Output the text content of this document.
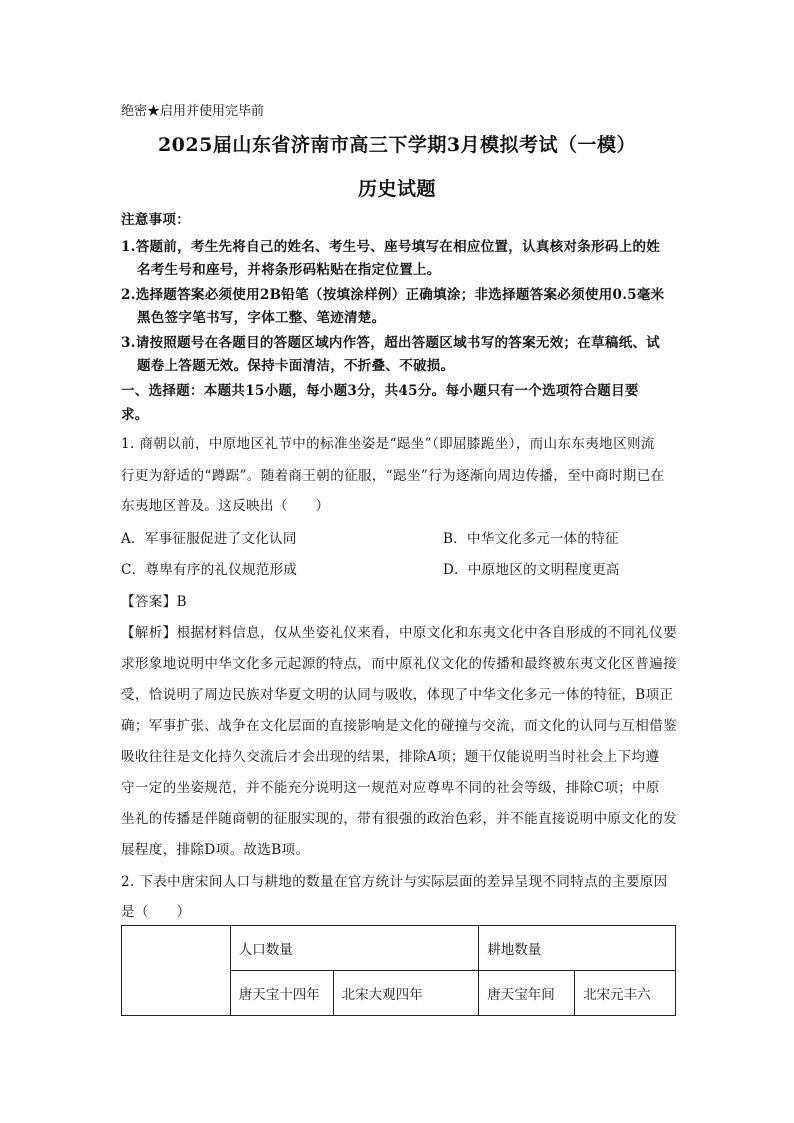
绝密★启用并使用完毕前
2025届山东省济南市高三下学期3月模拟考试（一模）
历史试题
注意事项：
1.答题前，考生先将自己的姓名、考生号、座号填写在相应位置，认真核对条形码上的姓
名考生号和座号，并将条形码粘贴在指定位置上。
2.选择题答案必须使用2B铅笔（按填涂样例）正确填涂；非选择题答案必须使用0.5毫米
黑色签字笔书写，字体工整、笔迹清楚。
3.请按照题号在各题目的答题区域内作答，超出答题区域书写的答案无效；在草稿纸、试
题卷上答题无效。保持卡面清洁，不折叠、不破损。
一、选择题：本题共15小题，每小题3分，共45分。每小题只有一个选项符合题目要
求。
1. 商朝以前，中原地区礼节中的标准坐姿是“跽坐”（即屈膝跪坐），而山东东夷地区则流
行更为舒适的“蹲踞”。随着商王朝的征服，“跽坐”行为逐渐向周边传播，至中商时期已在
东夷地区普及。这反映出（　　）
A．军事征服促进了文化认同	B．中华文化多元一体的特征
C．尊卑有序的礼仪规范形成	D．中原地区的文明程度更高
【答案】B
【解析】根据材料信息，仅从坐姿礼仪来看，中原文化和东夷文化中各自形成的不同礼仪要
求形象地说明中华文化多元起源的特点，而中原礼仪文化的传播和最终被东夷文化区普遍接
受，恰说明了周边民族对华夏文明的认同与吸收，体现了中华文化多元一体的特征，B项正
确；军事扩张、战争在文化层面的直接影响是文化的碰撞与交流，而文化的认同与互相借鉴
吸收往往是文化持久交流后才会出现的结果，排除A项；题干仅能说明当时社会上下均遵
守一定的坐姿规范，并不能充分说明这一规范对应尊卑不同的社会等级，排除C项；中原
坐礼的传播是伴随商朝的征服实现的，带有很强的政治色彩，并不能直接说明中原文化的发
展程度，排除D项。故选B项。
2. 下表中唐宋间人口与耕地的数量在官方统计与实际层面的差异呈现不同特点的主要原因
是（　　）
	人口数量		耕地数量	
	唐天宝十四年	北宋大观四年	唐天宝年间	北宋元丰六
